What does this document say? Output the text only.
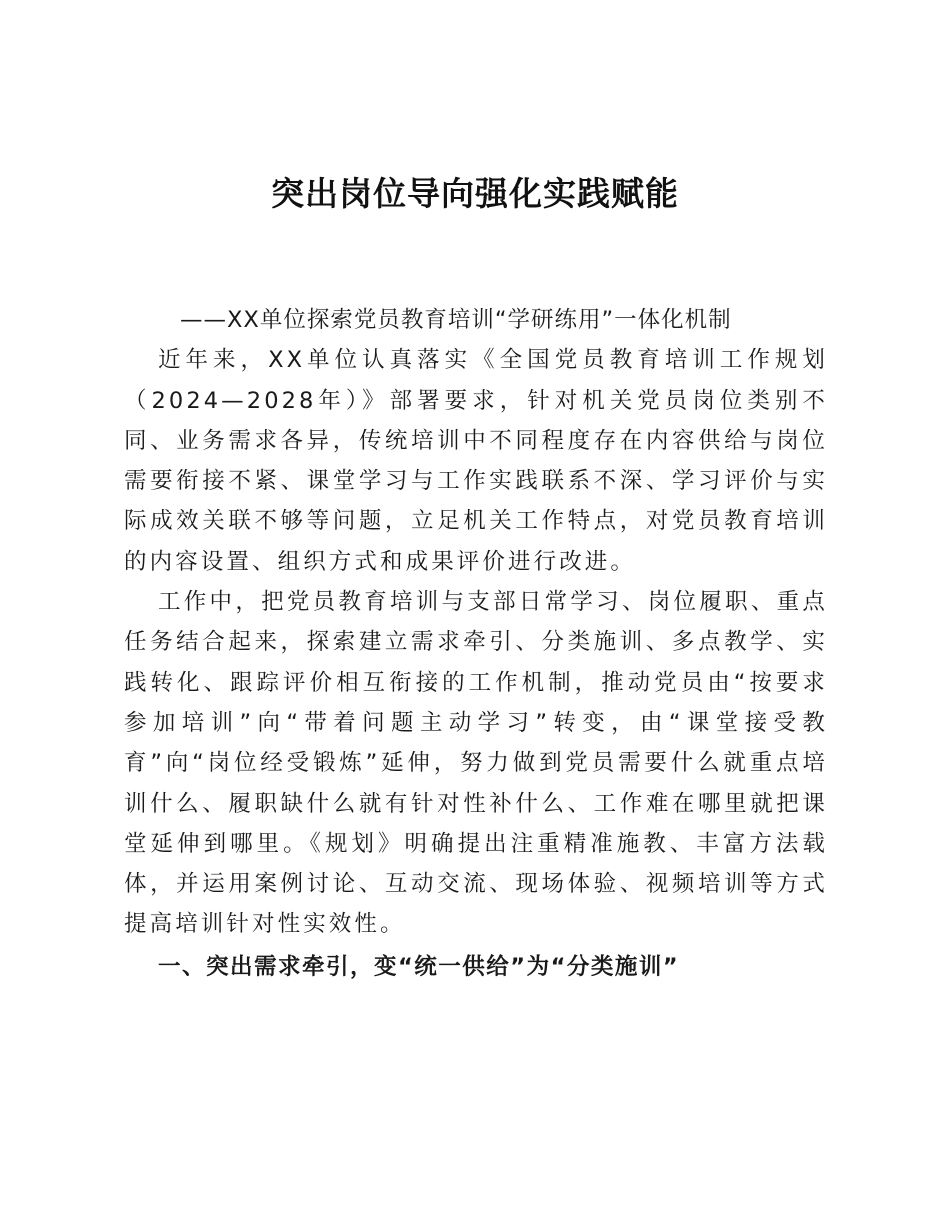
突出岗位导向强化实践赋能

——XX单位探索党员教育培训“学研练用”一体化机制

近年来，XX单位认真落实《全国党员教育培训工作规划（2024—2028年）》部署要求，针对机关党员岗位类别不同、业务需求各异，传统培训中不同程度存在内容供给与岗位需要衔接不紧、课堂学习与工作实践联系不深、学习评价与实际成效关联不够等问题，立足机关工作特点，对党员教育培训的内容设置、组织方式和成果评价进行改进。

工作中，把党员教育培训与支部日常学习、岗位履职、重点任务结合起来，探索建立需求牵引、分类施训、多点教学、实践转化、跟踪评价相互衔接的工作机制，推动党员由“按要求参加培训”向“带着问题主动学习”转变，由“课堂接受教育”向“岗位经受锻炼”延伸，努力做到党员需要什么就重点培训什么、履职缺什么就有针对性补什么、工作难在哪里就把课堂延伸到哪里。《规划》明确提出注重精准施教、丰富方法载体，并运用案例讨论、互动交流、现场体验、视频培训等方式提高培训针对性实效性。

一、突出需求牵引，变“统一供给”为“分类施训”
